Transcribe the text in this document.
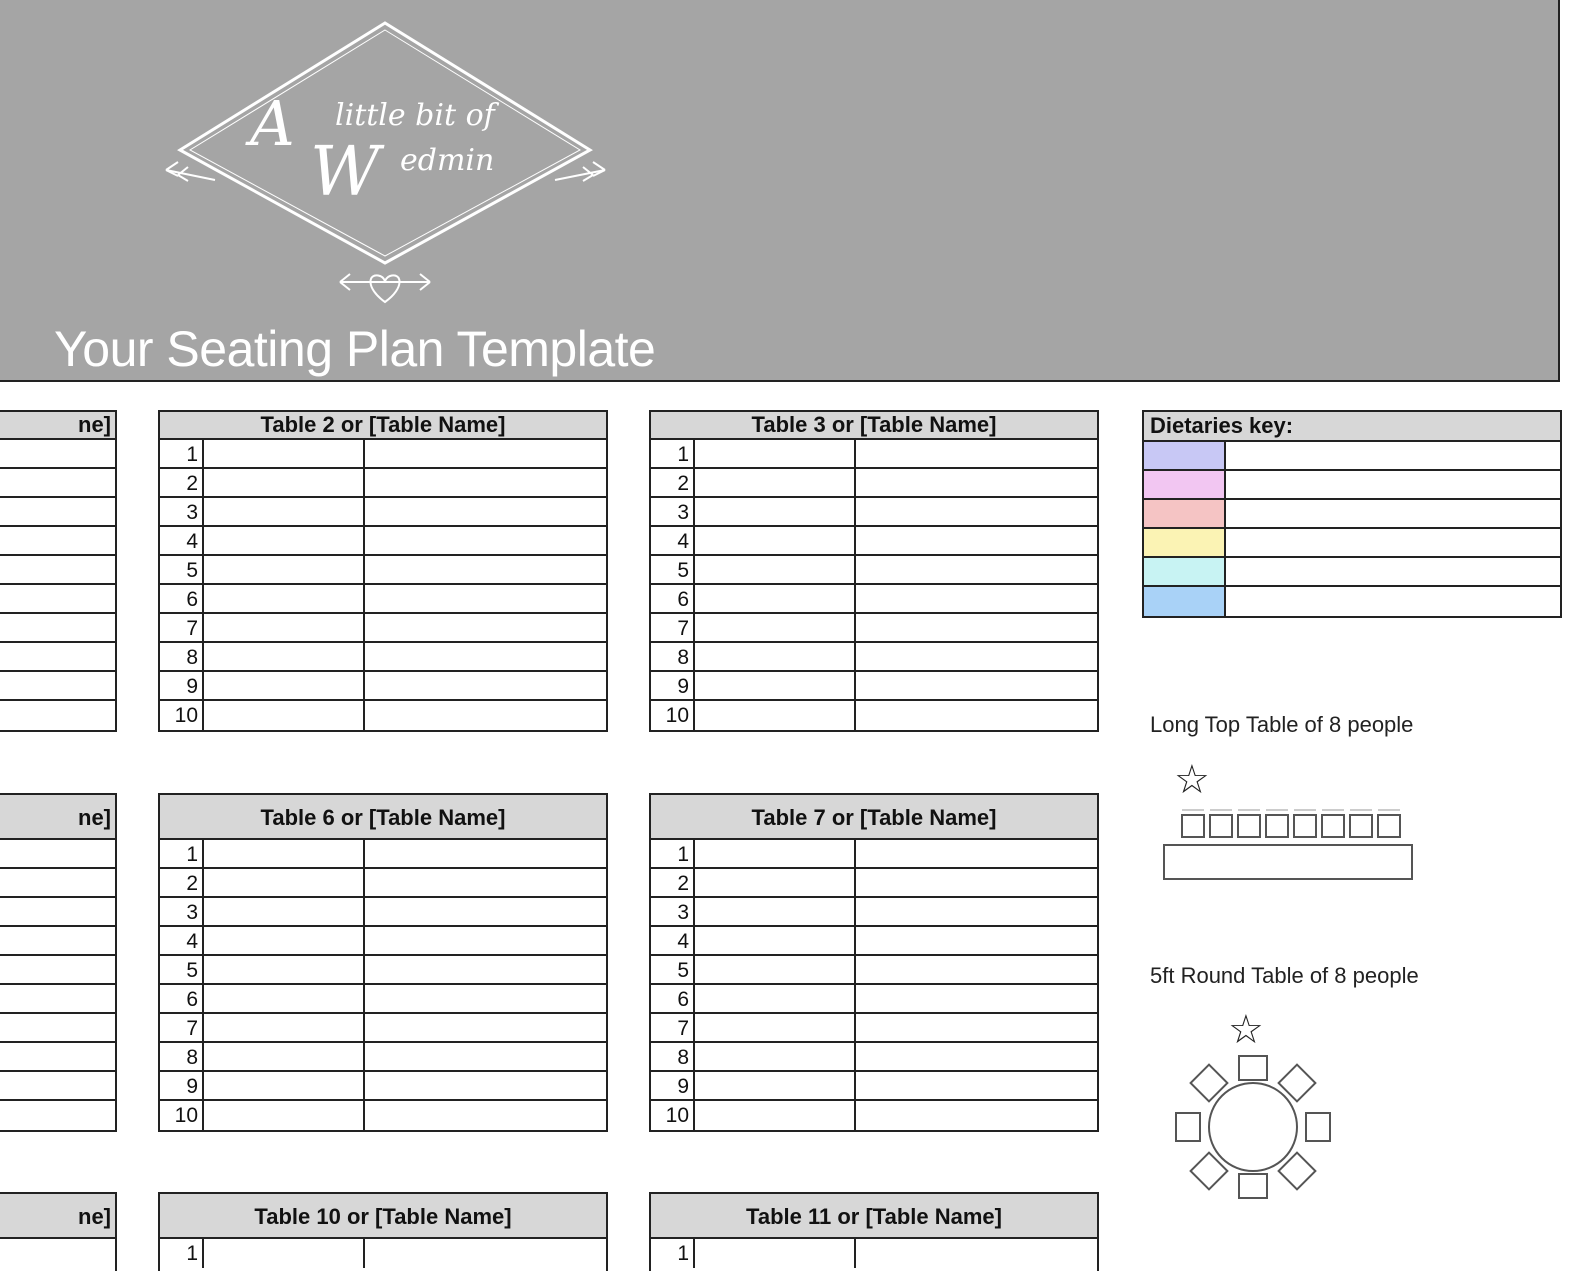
A little bit of
W edmin
Your Seating Plan Template
ne]
ne]
ne]
Table 2 or [Table Name]
1
2
3
4
5
6
7
8
9
10
Table 3 or [Table Name]
1
2
3
4
5
6
7
8
9
10
Dietaries key:
Table 6 or [Table Name]
1
2
3
4
5
6
7
8
9
10
Table 7 or [Table Name]
1
2
3
4
5
6
7
8
9
10
Table 10 or [Table Name]
1
Table 11 or [Table Name]
1
Long Top Table of 8 people
☆
5ft Round Table of 8 people
☆
